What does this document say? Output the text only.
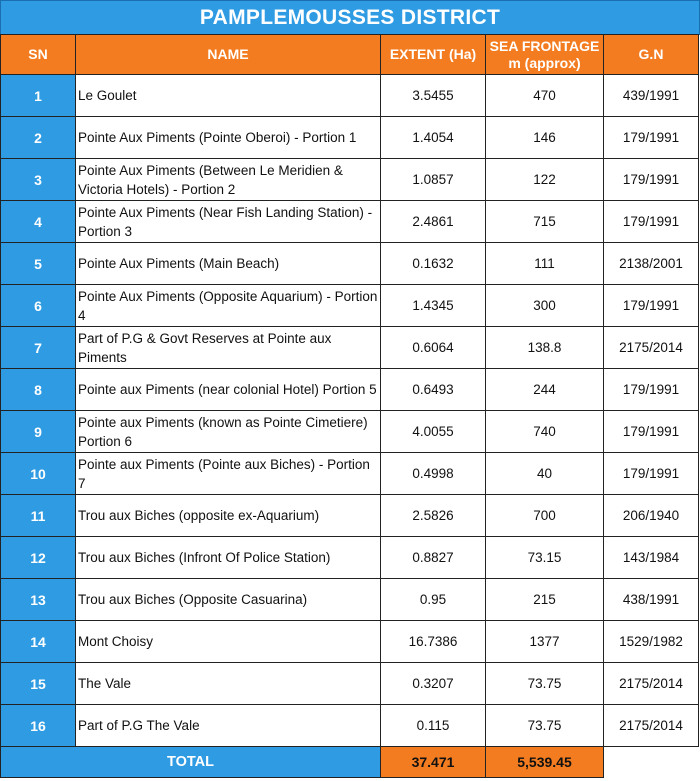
PAMPLEMOUSSES DISTRICT
SN	NAME	EXTENT (Ha)	SEA FRONTAGE m (approx)	G.N
1	Le Goulet	3.5455	470	439/1991
2	Pointe Aux Piments (Pointe Oberoi) - Portion 1	1.4054	146	179/1991
3	Pointe Aux Piments (Between Le Meridien & Victoria Hotels) - Portion 2	1.0857	122	179/1991
4	Pointe Aux Piments (Near Fish Landing Station) - Portion 3	2.4861	715	179/1991
5	Pointe Aux Piments (Main Beach)	0.1632	111	2138/2001
6	Pointe Aux Piments (Opposite Aquarium) - Portion 4	1.4345	300	179/1991
7	Part of P.G & Govt Reserves at Pointe aux Piments	0.6064	138.8	2175/2014
8	Pointe aux Piments (near colonial Hotel) Portion 5	0.6493	244	179/1991
9	Pointe aux Piments (known as Pointe Cimetiere) Portion 6	4.0055	740	179/1991
10	Pointe aux Piments (Pointe aux Biches) - Portion 7	0.4998	40	179/1991
11	Trou aux Biches (opposite ex-Aquarium)	2.5826	700	206/1940
12	Trou aux Biches (Infront Of Police Station)	0.8827	73.15	143/1984
13	Trou aux Biches (Opposite Casuarina)	0.95	215	438/1991
14	Mont Choisy	16.7386	1377	1529/1982
15	The Vale	0.3207	73.75	2175/2014
16	Part of P.G The Vale	0.115	73.75	2175/2014
TOTAL		37.471	5,539.45	
